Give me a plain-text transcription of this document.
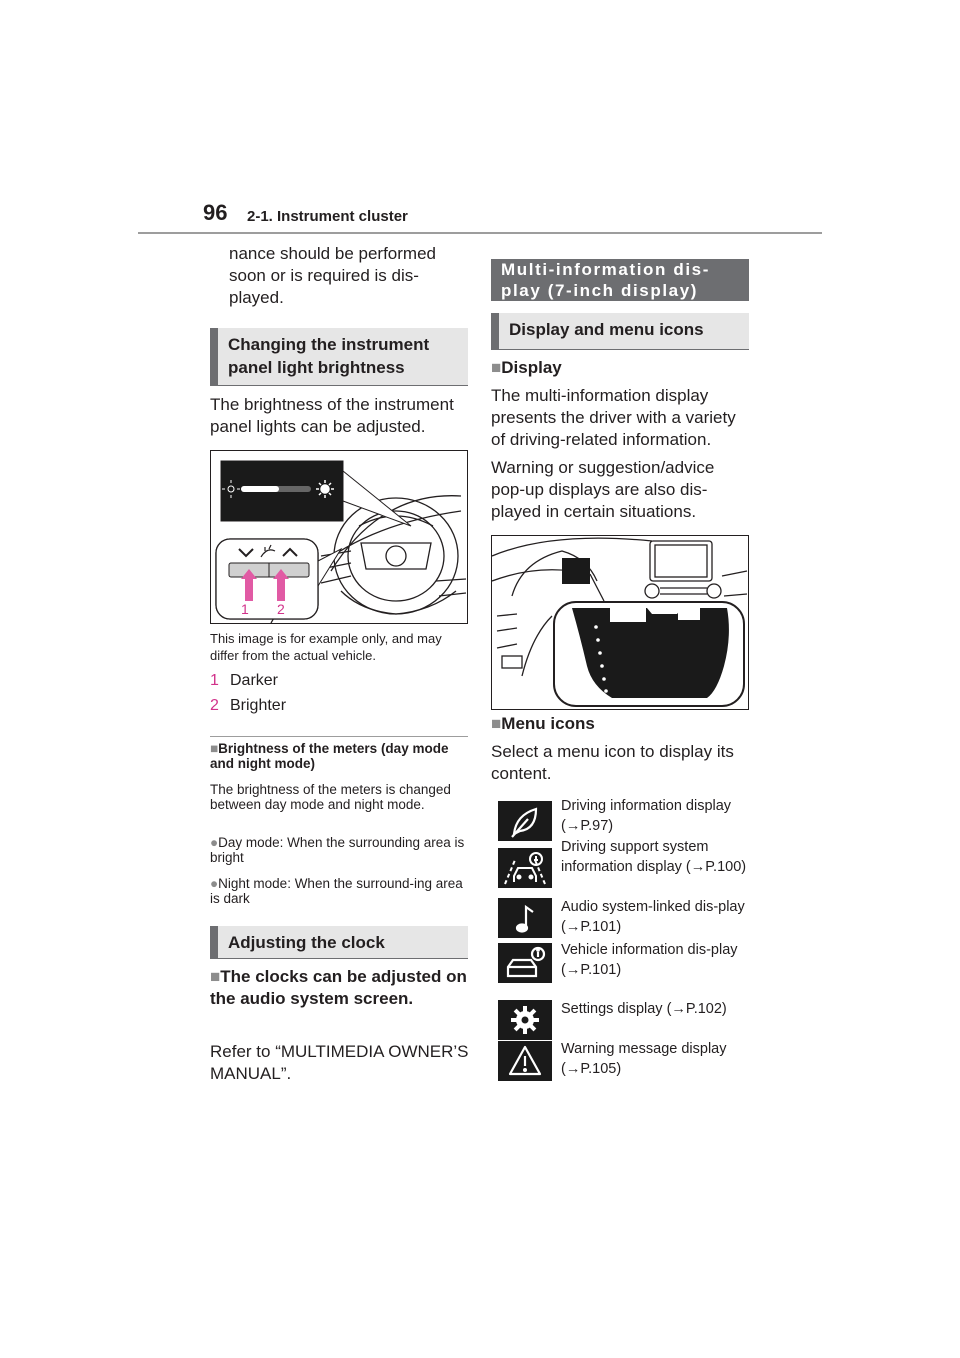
96 2-1. Instrument cluster
nance should be performed soon or is required is dis-played.
Changing the instrument panel light brightness
The brightness of the instrument panel lights can be adjusted.
1 2
This image is for example only, and may differ from the actual vehicle.
1 Darker
2 Brighter
■Brightness of the meters (day mode and night mode)
The brightness of the meters is changed between day mode and night mode.
●Day mode: When the surrounding area is bright
●Night mode: When the surround-ing area is dark
Adjusting the clock
■The clocks can be adjusted on the audio system screen.
Refer to “MULTIMEDIA OWNER’S MANUAL”.
Multi-information dis-play (7-inch display)
Display and menu icons
■Display
The multi-information display presents the driver with a variety of driving-related information.
Warning or suggestion/advice pop-up displays are also dis-played in certain situations.
■Menu icons
Select a menu icon to display its content.
Driving information display (→P.97)
Driving support system information display (→P.100)
Audio system-linked dis-play (→P.101)
Vehicle information dis-play (→P.101)
Settings display (→P.102)
Warning message display (→P.105)
